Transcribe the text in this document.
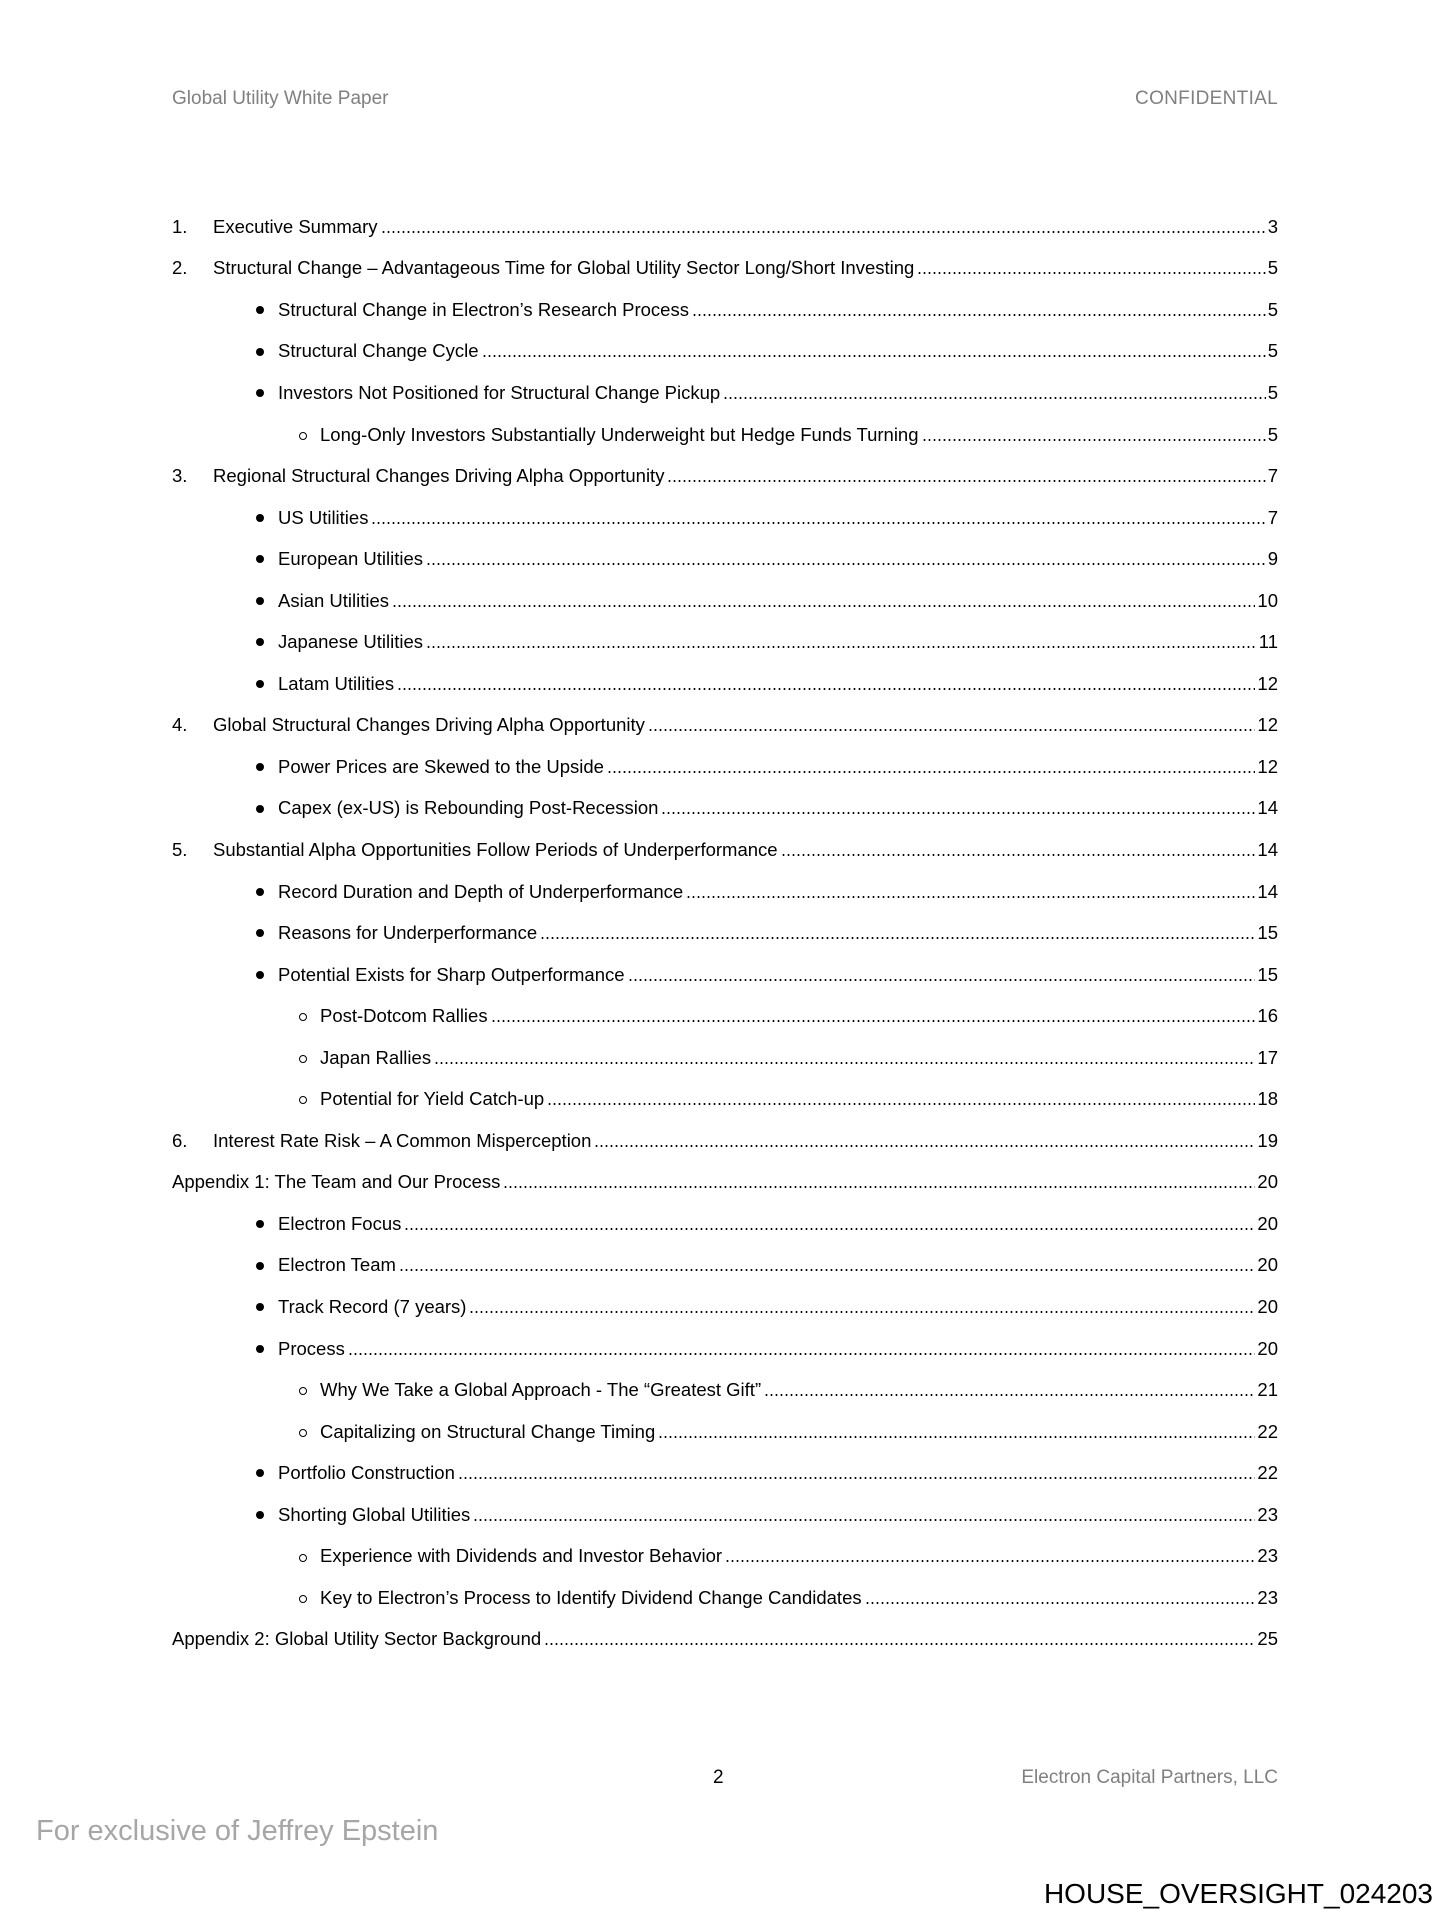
Global Utility White Paper	CONFIDENTIAL
1. Executive Summary	3
2. Structural Change – Advantageous Time for Global Utility Sector Long/Short Investing	5
Structural Change in Electron’s Research Process	5
Structural Change Cycle	5
Investors Not Positioned for Structural Change Pickup	5
Long-Only Investors Substantially Underweight but Hedge Funds Turning	5
3. Regional Structural Changes Driving Alpha Opportunity	7
US Utilities	7
European Utilities	9
Asian Utilities	10
Japanese Utilities	11
Latam Utilities	12
4. Global Structural Changes Driving Alpha Opportunity	12
Power Prices are Skewed to the Upside	12
Capex (ex-US) is Rebounding Post-Recession	14
5. Substantial Alpha Opportunities Follow Periods of Underperformance	14
Record Duration and Depth of Underperformance	14
Reasons for Underperformance	15
Potential Exists for Sharp Outperformance	15
Post-Dotcom Rallies	16
Japan Rallies	17
Potential for Yield Catch-up	18
6. Interest Rate Risk – A Common Misperception	19
Appendix 1: The Team and Our Process	20
Electron Focus	20
Electron Team	20
Track Record (7 years)	20
Process	20
Why We Take a Global Approach - The “Greatest Gift”	21
Capitalizing on Structural Change Timing	22
Portfolio Construction	22
Shorting Global Utilities	23
Experience with Dividends and Investor Behavior	23
Key to Electron’s Process to Identify Dividend Change Candidates	23
Appendix 2: Global Utility Sector Background	25
2	Electron Capital Partners, LLC
For exclusive of Jeffrey Epstein
HOUSE_OVERSIGHT_024203
